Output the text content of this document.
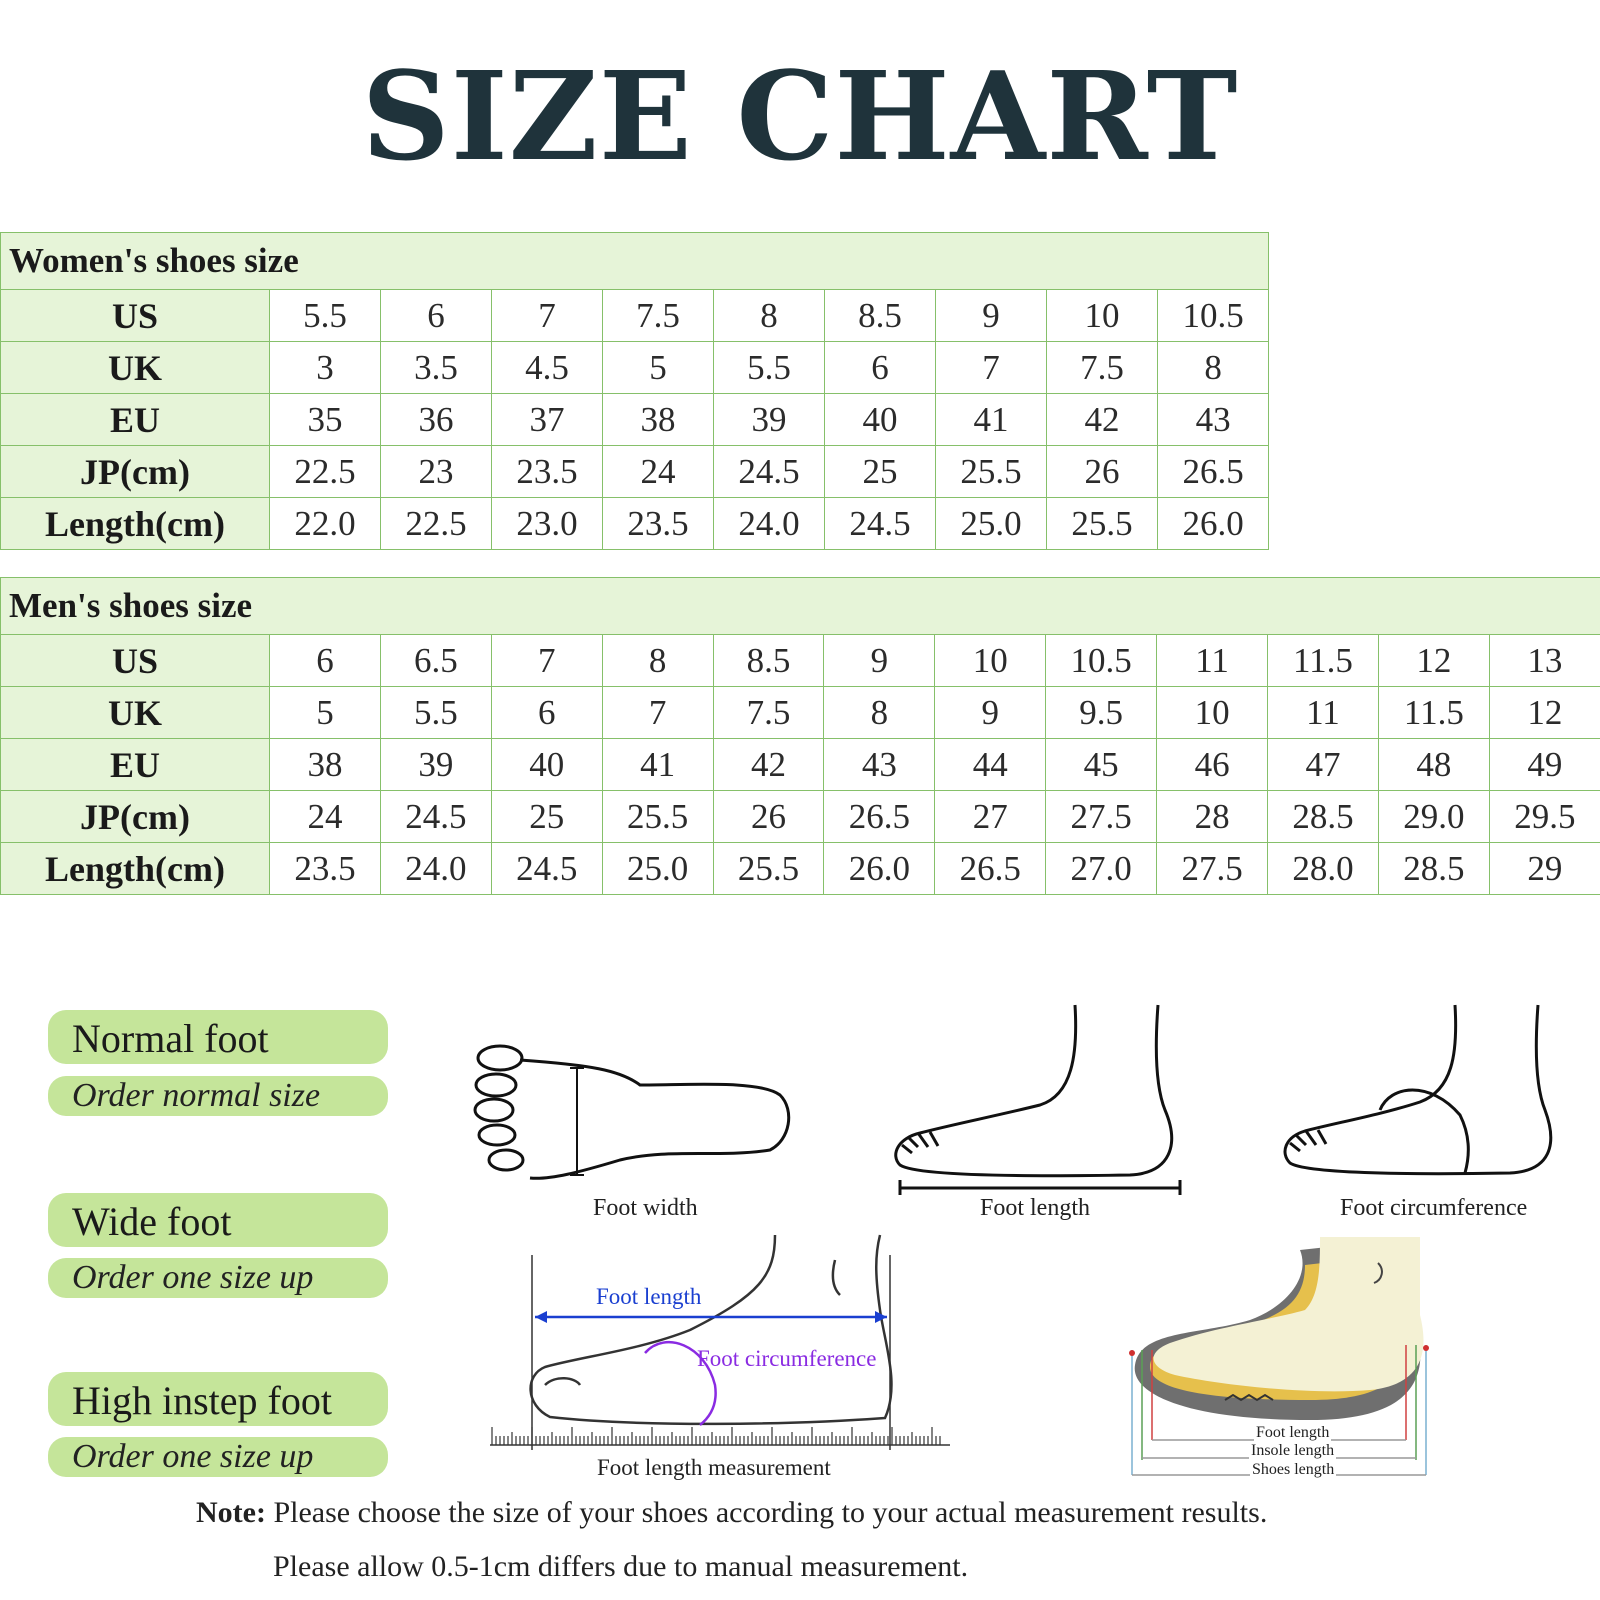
SIZE CHART
Women's shoes size									
US	5.5	6	7	7.5	8	8.5	9	10	10.5
UK	3	3.5	4.5	5	5.5	6	7	7.5	8
EU	35	36	37	38	39	40	41	42	43
JP(cm)	22.5	23	23.5	24	24.5	25	25.5	26	26.5
Length(cm)	22.0	22.5	23.0	23.5	24.0	24.5	25.0	25.5	26.0
Men's shoes size												
US	6	6.5	7	8	8.5	9	10	10.5	11	11.5	12	13
UK	5	5.5	6	7	7.5	8	9	9.5	10	11	11.5	12
EU	38	39	40	41	42	43	44	45	46	47	48	49
JP(cm)	24	24.5	25	25.5	26	26.5	27	27.5	28	28.5	29.0	29.5
Length(cm)	23.5	24.0	24.5	25.0	25.5	26.0	26.5	27.0	27.5	28.0	28.5	29
Normal foot
Order normal size
Wide foot
Order one size up
High instep foot
Order one size up
Foot width	Foot length	Foot circumference
Foot length
Foot circumference
Foot length measurement
Foot length
Insole length
Shoes length
Note: Please choose the size of your shoes according to your actual measurement results.
Please allow 0.5-1cm differs due to manual measurement.
